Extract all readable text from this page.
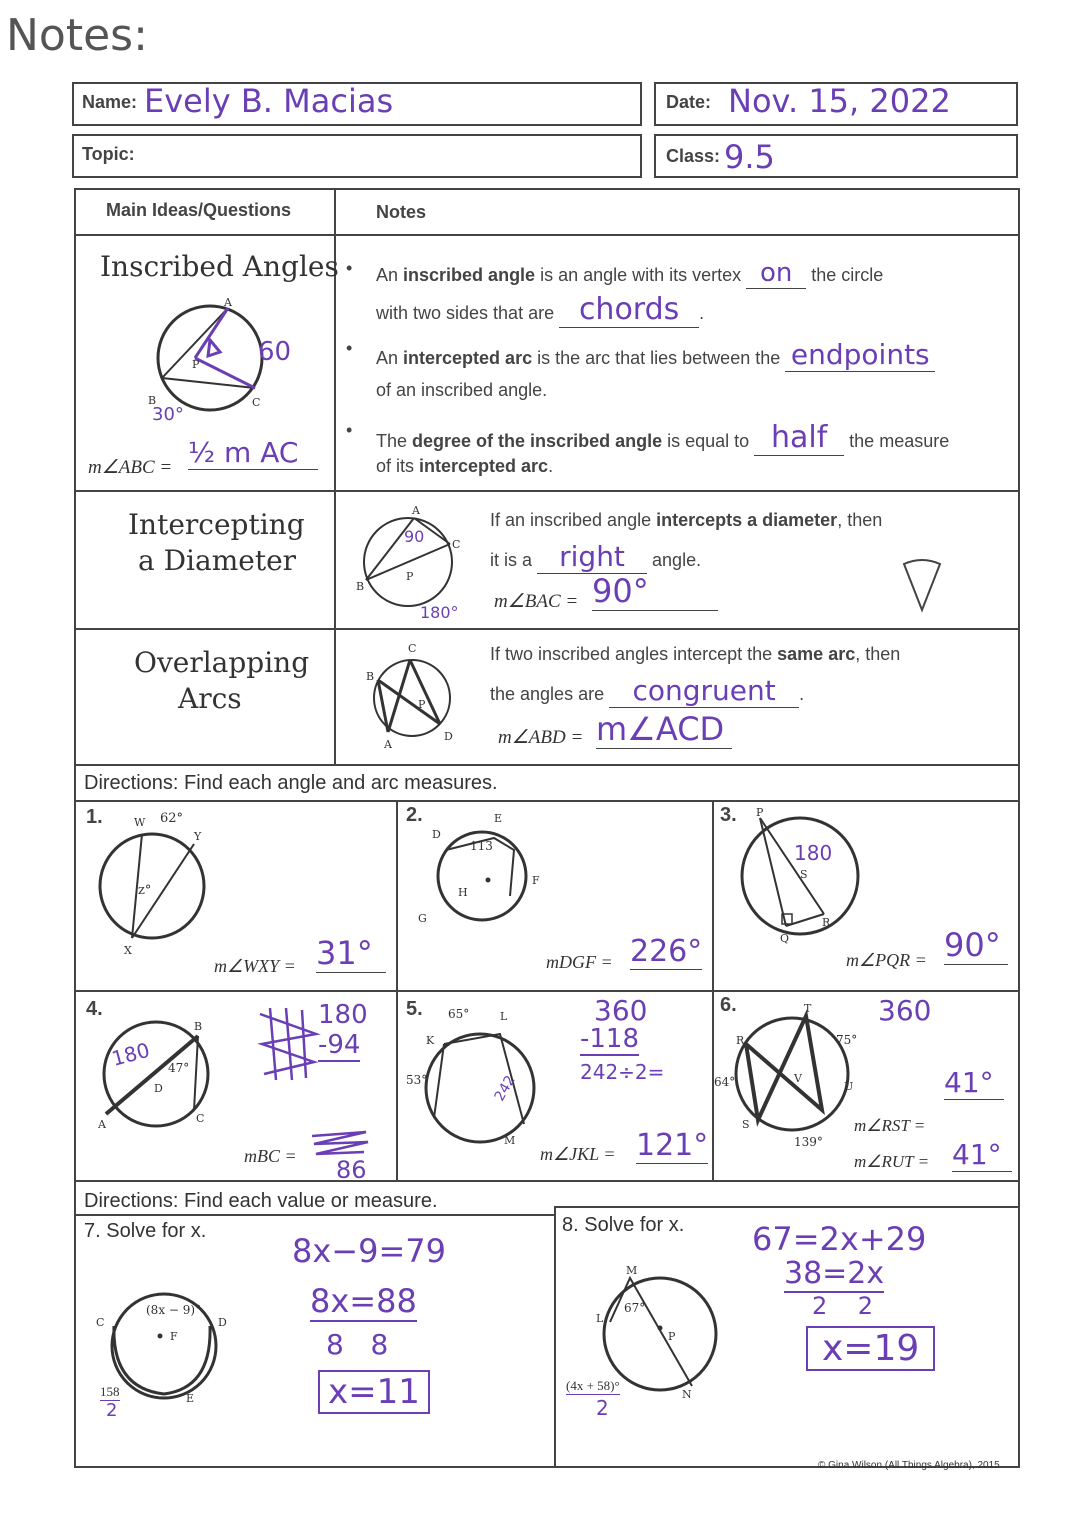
Notes:
Name: Evely B. Macias	Date: Nov. 15, 2022
Topic:	Class: 9.5
Main Ideas/Questions	Notes
Inscribed Angles
60
30°
A
B	C
P
m∠ABC = ½ m AC
• An inscribed angle is an angle with its vertex on the circle
with two sides that are chords .
• An intercepted arc is the arc that lies between the endpoints
of an inscribed angle.
• The degree of the inscribed angle is equal to half the measure
of its intercepted arc.
Intercepting
a Diameter
90
180°
A
B
C
P
If an inscribed angle intercepts a diameter, then
it is a right angle.
m∠BAC = 90°
Overlapping
Arcs
C
B
D
A
P
If two inscribed angles intercept the same arc, then
the angles are congruent .
m∠ABD = m∠ACD
Directions: Find each angle and arc measures.
1.	62°
z°
W
Y
X
m∠WXY = 31°
2.
113
D
E
F
G
H
mDGF = 226°
3.
180
P
S
Q
R
m∠PQR = 90°
4.
180 47°
B
A	C
D
180
-94
mBC = 86
5. 65°
53°	242
K
L
M
360
-118
242÷2=
m∠JKL = 121°
6.
75°
64°
139°
R
T
S
U
V
360
m∠RST =
41°
m∠RUT = 41°
Directions: Find each value or measure.
7. Solve for x.
(8x − 9)°
C	D
E
F
158
2
8x−9=79
8x=88
8   8
x=11
8. Solve for x.
67°
M
L
N
P
(4x + 58)°
2
67=2x+29
38=2x
2    2
x=19
© Gina Wilson (All Things Algebra), 2015
